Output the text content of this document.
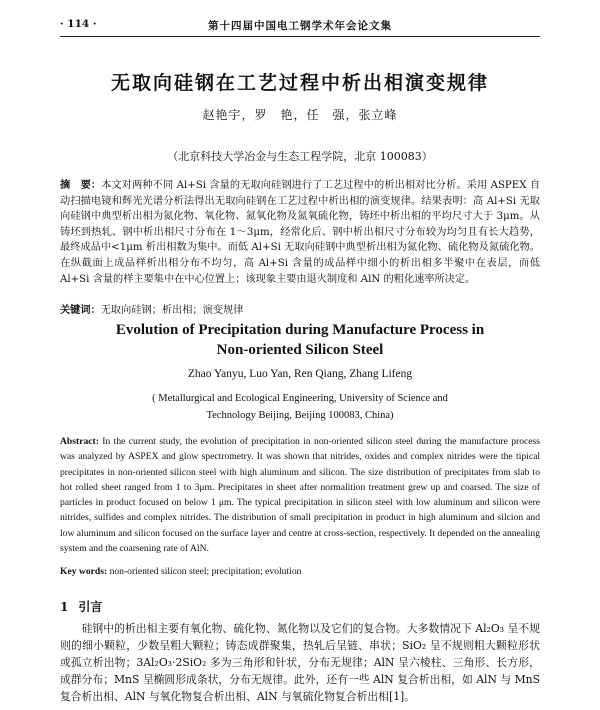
· 114 ·	第十四届中国电工钢学术年会论文集
无取向硅钢在工艺过程中析出相演变规律
赵艳宇，罗　艳，任　强，张立峰
（北京科技大学冶金与生态工程学院，北京 100083）
摘　要：本文对两种不同 Al+Si 含量的无取向硅钢进行了工艺过程中的析出相对比分析。采用 ASPEX 自动扫描电镜和辉光光谱分析法得出无取向硅钢在工艺过程中析出相的演变规律。结果表明：高 Al+Si 无取向硅钢中典型析出相为氮化物、氧化物、氮氧化物及氮氧硫化物，铸坯中析出相的平均尺寸大于 3μm。从铸坯到热轧、钢中析出相尺寸分布在 1～3μm，经常化后、钢中析出相尺寸分布较为均匀且有长大趋势，最终成品中<1μm 析出相数为集中。而低 Al+Si 无取向硅钢中典型析出相为氮化物、硫化物及氮硫化物。在纵截面上成品样析出相分布不均匀，高 Al+Si 含量的成品样中细小的析出相多半聚中在表层，而低 Al+Si 含量的样主要集中在中心位置上；该现象主要由退火制度和 AlN 的粗化速率所决定。
关键词：无取向硅钢；析出相；演变规律
Evolution of Precipitation during Manufacture Process in
Non-oriented Silicon Steel
Zhao Yanyu, Luo Yan, Ren Qiang, Zhang Lifeng
( Metallurgical and Ecological Engineering, University of Science and
Technology Beijing, Beijing 100083, China)
Abstract: In the current study, the evolution of precipitation in non-oriented silicon steel during the manufacture process was analyzed by ASPEX and glow spectrometry. It was shown that nitrides, oxides and complex nitrides were the tipical precipitates in non-oriented silicon steel with high aluminum and silicon. The size distribution of precipitates from slab to hot rolled sheet ranged from 1 to 3μm. Precipitates in sheet after normalition treatment grew up and coarsed. The size of particles in product focused on below 1 μm. The typical precipitation in silicon steel with low aluminum and silicon were nitrides, sulfides and complex nitrides. The distribution of small precipitation in product in high aluminum and silcion and low aluminum and silicon focused on the surface layer and centre at cross-section, respectively. It depended on the annealing system and the coarsening rate of AlN.
Key words: non-oriented silicon steel; precipitation; evolution
1 引言
硅钢中的析出相主要有氧化物、硫化物、氮化物以及它们的复合物。大多数情况下 Al₂O₃ 呈不规则的细小颗粒，少数呈粗大颗粒；铸态成群聚集，热轧后呈链、串状；SiO₂ 呈不规则粗大颗粒形状或孤立析出物；3Al₂O₃·2SiO₂ 多为三角形和针状，分布无规律；AlN 呈六棱柱、三角形、长方形，成群分布；MnS 呈椭圆形成条状，分布无规律。此外，还有一些 AlN 复合析出相，如 AlN 与 MnS 复合析出相、AlN 与氧化物复合析出相、AlN 与氧硫化物复合析出相[1]。
